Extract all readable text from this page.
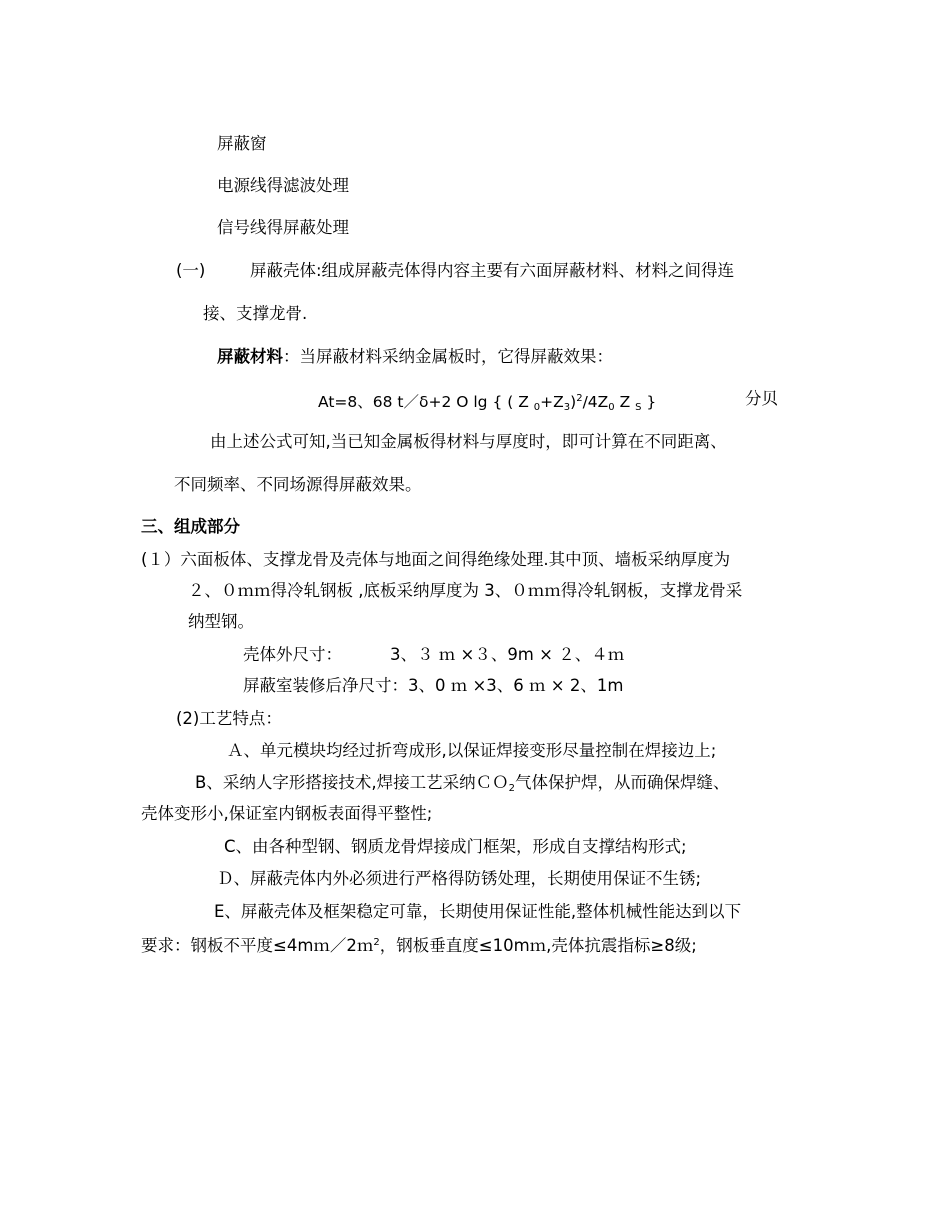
屏蔽窗
电源线得滤波处理
信号线得屏蔽处理
(一)	屏蔽壳体:组成屏蔽壳体得内容主要有六面屏蔽材料、材料之间得连
接、支撑龙骨.
屏蔽材料：当屏蔽材料采纳金属板时，它得屏蔽效果：
At=8、68 t／δ+2 O lg { ( Z $_0+Z_3)^2/4Z_0$ Z $_S$ }	分贝
由上述公式可知,当已知金属板得材料与厚度时，即可计算在不同距离、
不同频率、不同场源得屏蔽效果。
三、组成部分
(１）六面板体、支撑龙骨及壳体与地面之间得绝缘处理.其中顶、墙板采纳厚度为
２、０ｍｍ得冷轧钢板 ,底板采纳厚度为 3、０ｍｍ得冷轧钢板，支撑龙骨采
纳型钢。
壳体外尺寸：	3、３ ｍ ×３、9m × ２、４ｍ
屏蔽室装修后净尺寸：3、0 ｍ ×3、6 ｍ × 2、1m
(2)工艺特点：
Ａ、单元模块均经过折弯成形,以保证焊接变形尽量控制在焊接边上;
B、采纳人字形搭接技术,焊接工艺采纳ＣＯ$_2$气体保护焊，从而确保焊缝、
壳体变形小,保证室内钢板表面得平整性;
C、由各种型钢、钢质龙骨焊接成门框架，形成自支撑结构形式;
Ｄ、屏蔽壳体内外必须进行严格得防锈处理，长期使用保证不生锈;
E、屏蔽壳体及框架稳定可靠，长期使用保证性能,整体机械性能达到以下
要求：钢板不平度≤4mｍ／2ｍ$^2$，钢板垂直度≤10mｍ,壳体抗震指标≥8级;
